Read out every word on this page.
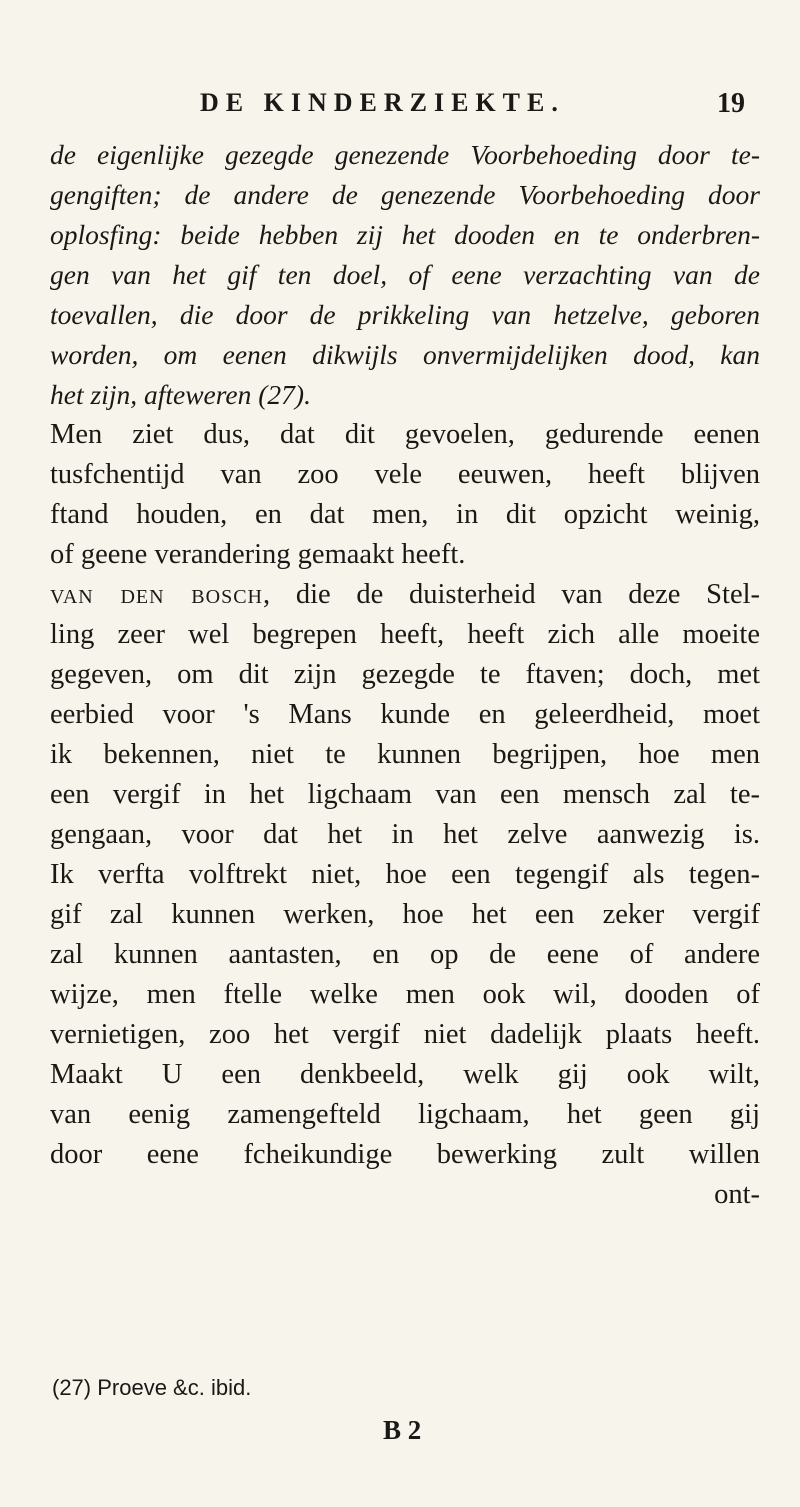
DE KINDERZIEKTE.	19
de eigenlijke gezegde genezende Voorbehoeding door te-
gengiften; de andere de genezende Voorbehoeding door
oplosfing: beide hebben zij het dooden en te onderbren-
gen van het gif ten doel, of eene verzachting van de
toevallen, die door de prikkeling van hetzelve, geboren
worden, om eenen dikwijls onvermijdelijken dood, kan
het zijn, afteweren (27).
Men ziet dus, dat dit gevoelen, gedurende eenen
tusfchentijd van zoo vele eeuwen, heeft blijven
ftand houden, en dat men, in dit opzicht weinig,
of geene verandering gemaakt heeft.
van den bosch, die de duisterheid van deze Stel-
ling zeer wel begrepen heeft, heeft zich alle moeite
gegeven, om dit zijn gezegde te ftaven; doch, met
eerbied voor 's Mans kunde en geleerdheid, moet
ik bekennen, niet te kunnen begrijpen, hoe men
een vergif in het ligchaam van een mensch zal te-
gengaan, voor dat het in het zelve aanwezig is.
Ik verfta volftrekt niet, hoe een tegengif als tegen-
gif zal kunnen werken, hoe het een zeker vergif
zal kunnen aantasten, en op de eene of andere
wijze, men ftelle welke men ook wil, dooden of
vernietigen, zoo het vergif niet dadelijk plaats heeft.
Maakt U een denkbeeld, welk gij ook wilt,
van eenig zamengefteld ligchaam, het geen gij
door eene fcheikundige bewerking zult willen
ont-
(27) Proeve &c. ibid.
B 2
